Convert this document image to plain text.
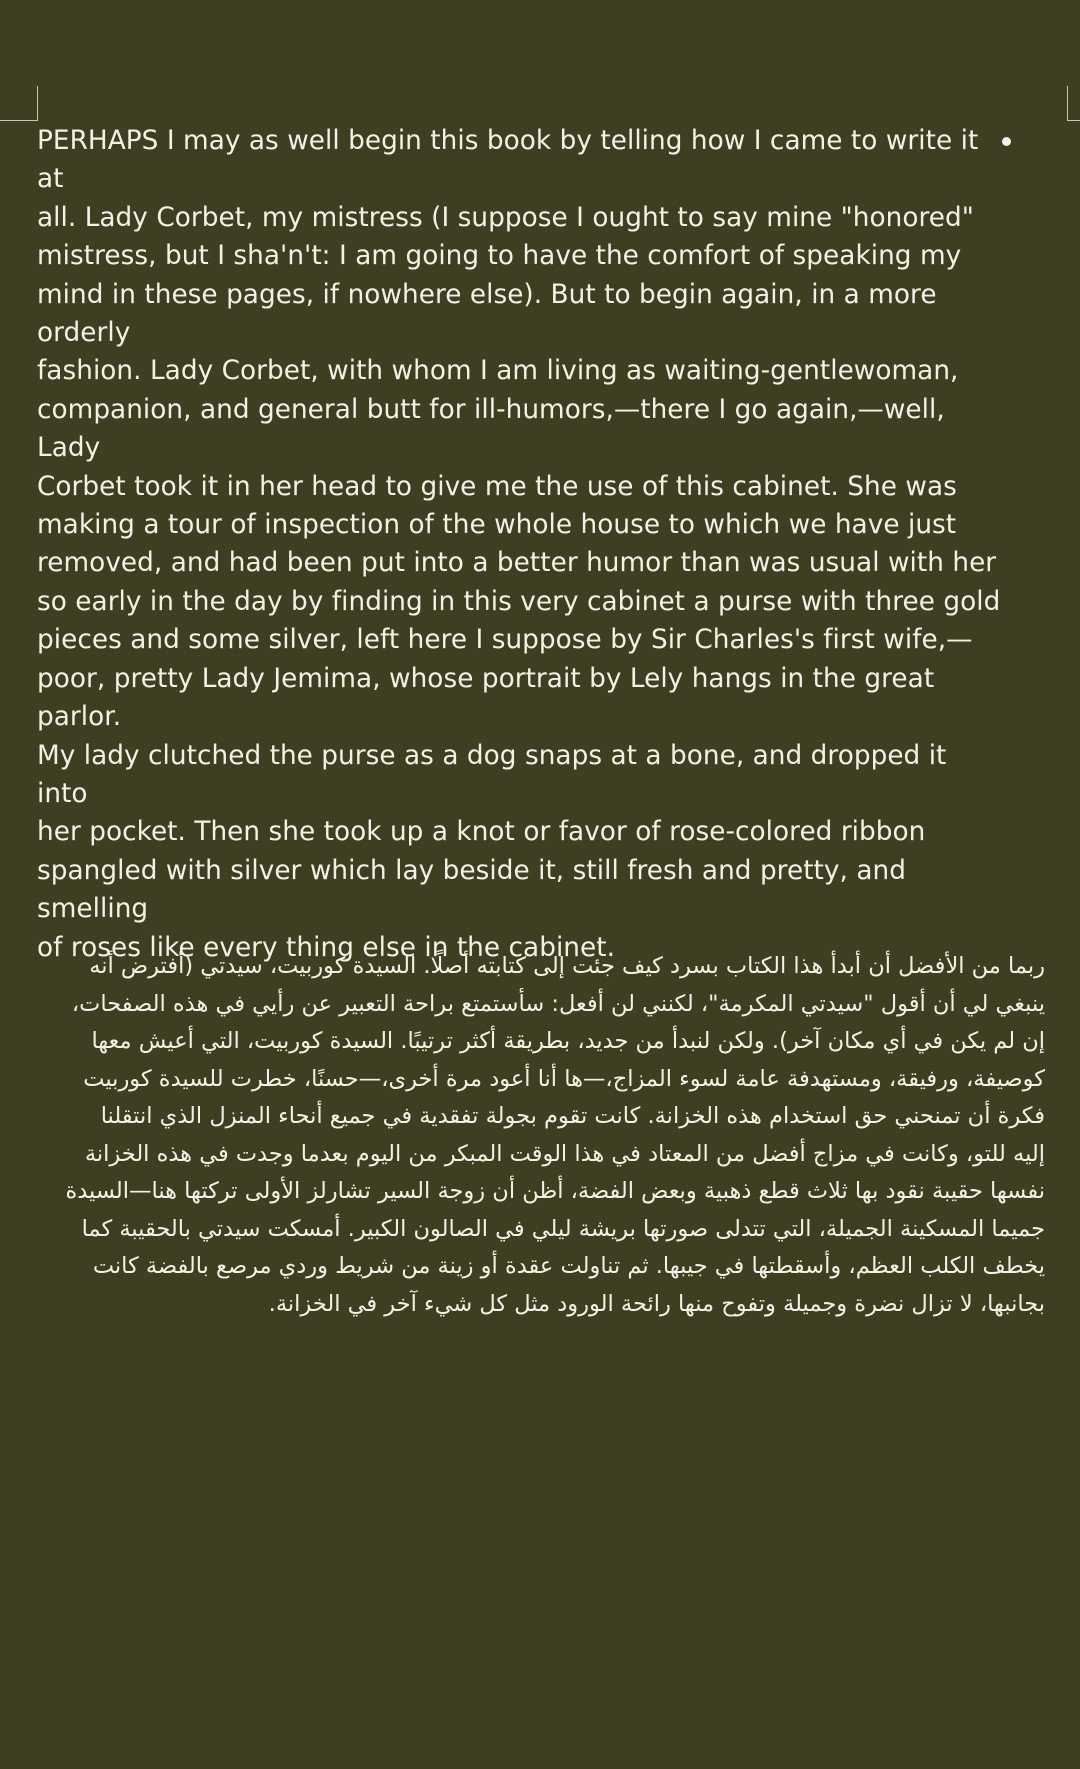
PERHAPS I may as well begin this book by telling how I came to write it at
all. Lady Corbet, my mistress (I suppose I ought to say mine "honored"
mistress, but I sha'n't: I am going to have the comfort of speaking my
mind in these pages, if nowhere else). But to begin again, in a more orderly
fashion. Lady Corbet, with whom I am living as waiting-gentlewoman,
companion, and general butt for ill-humors,—there I go again,—well, Lady
Corbet took it in her head to give me the use of this cabinet. She was
making a tour of inspection of the whole house to which we have just
removed, and had been put into a better humor than was usual with her
so early in the day by finding in this very cabinet a purse with three gold
pieces and some silver, left here I suppose by Sir Charles's first wife,—
poor, pretty Lady Jemima, whose portrait by Lely hangs in the great parlor.
My lady clutched the purse as a dog snaps at a bone, and dropped it into
her pocket. Then she took up a knot or favor of rose-colored ribbon
spangled with silver which lay beside it, still fresh and pretty, and smelling
of roses like every thing else in the cabinet.

ربما من الأفضل أن أبدأ هذا الكتاب بسرد كيف جئت إلى كتابته أصلًا. السيدة كوربيت، سيدتي (أفترض أنه
ينبغي لي أن أقول "سيدتي المكرمة"، لكنني لن أفعل: سأستمتع براحة التعبير عن رأيي في هذه الصفحات،
إن لم يكن في أي مكان آخر). ولكن لنبدأ من جديد، بطريقة أكثر ترتيبًا. السيدة كوربيت، التي أعيش معها
كوصيفة، ورفيقة، ومستهدفة عامة لسوء المزاج،—ها أنا أعود مرة أخرى،—حسنًا، خطرت للسيدة كوربيت
فكرة أن تمنحني حق استخدام هذه الخزانة. كانت تقوم بجولة تفقدية في جميع أنحاء المنزل الذي انتقلنا
إليه للتو، وكانت في مزاج أفضل من المعتاد في هذا الوقت المبكر من اليوم بعدما وجدت في هذه الخزانة
نفسها حقيبة نقود بها ثلاث قطع ذهبية وبعض الفضة، أظن أن زوجة السير تشارلز الأولى تركتها هنا—السيدة
جميما المسكينة الجميلة، التي تتدلى صورتها بريشة ليلي في الصالون الكبير. أمسكت سيدتي بالحقيبة كما
يخطف الكلب العظم، وأسقطتها في جيبها. ثم تناولت عقدة أو زينة من شريط وردي مرصع بالفضة كانت
بجانبها، لا تزال نضرة وجميلة وتفوح منها رائحة الورود مثل كل شيء آخر في الخزانة.
